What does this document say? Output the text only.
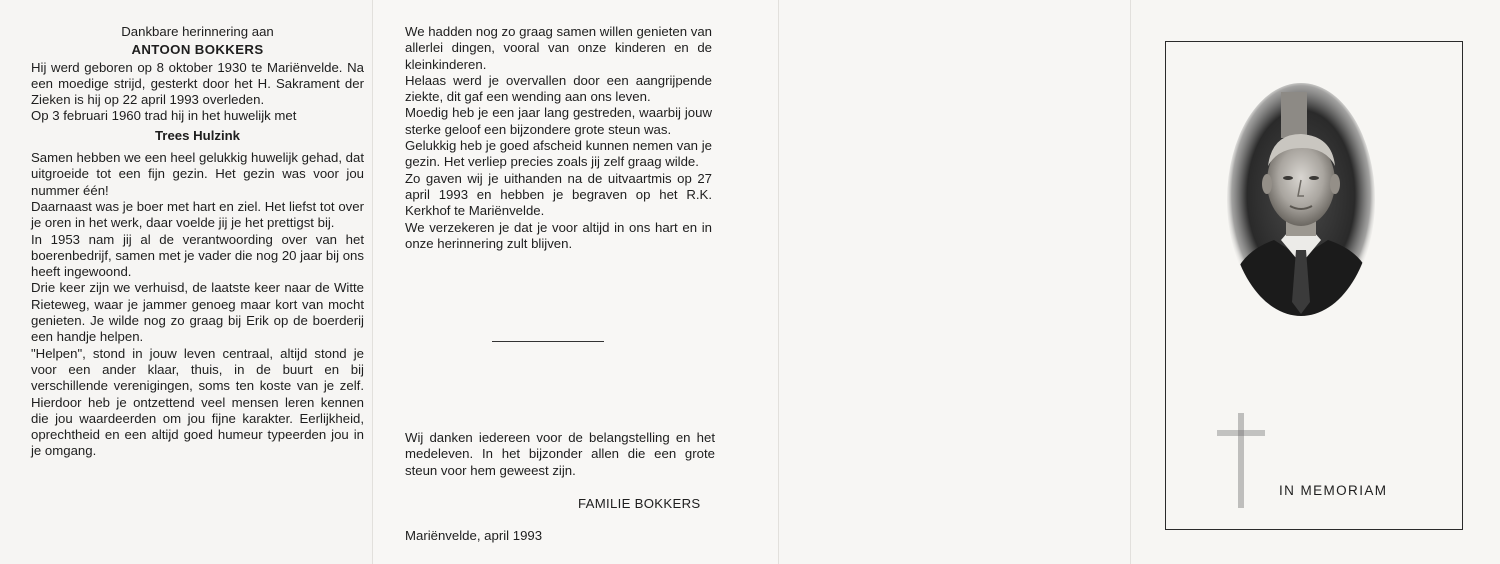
Dankbare herinnering aan
ANTOON BOKKERS
Hij werd geboren op 8 oktober 1930 te Mariënvelde. Na een moedige strijd, gesterkt door het H. Sakrament der Zieken is hij op 22 april 1993 overleden.
Op 3 februari 1960 trad hij in het huwelijk met
Trees Hulzink

Samen hebben we een heel gelukkig huwelijk gehad, dat uitgroeide tot een fijn gezin. Het gezin was voor jou nummer één!

Daarnaast was je boer met hart en ziel. Het liefst tot over je oren in het werk, daar voelde jij je het prettigst bij.

In 1953 nam jij al de verantwoording over van het boerenbedrijf, samen met je vader die nog 20 jaar bij ons heeft ingewoond.

Drie keer zijn we verhuisd, de laatste keer naar de Witte Rieteweg, waar je jammer genoeg maar kort van mocht genieten. Je wilde nog zo graag bij Erik op de boerderij een handje helpen.

"Helpen", stond in jouw leven centraal, altijd stond je voor een ander klaar, thuis, in de buurt en bij verschillende verenigingen, soms ten koste van je zelf. Hierdoor heb je ontzettend veel mensen leren kennen die jou waardeerden om jou fijne karakter. Eerlijkheid, oprechtheid en een altijd goed humeur typeerden jou in je omgang.

We hadden nog zo graag samen willen genieten van allerlei dingen, vooral van onze kinderen en de kleinkinderen.

Helaas werd je overvallen door een aangrijpende ziekte, dit gaf een wending aan ons leven.

Moedig heb je een jaar lang gestreden, waarbij jouw sterke geloof een bijzondere grote steun was.

Gelukkig heb je goed afscheid kunnen nemen van je gezin. Het verliep precies zoals jij zelf graag wilde.

Zo gaven wij je uithanden na de uitvaartmis op 27 april 1993 en hebben je begraven op het R.K. Kerkhof te Mariënvelde.

We verzekeren je dat je voor altijd in ons hart en in onze herinnering zult blijven.

Wij danken iedereen voor de belangstelling en het medeleven. In het bijzonder allen die een grote steun voor hem geweest zijn.

FAMILIE BOKKERS
Mariënvelde, april 1993
IN MEMORIAM
